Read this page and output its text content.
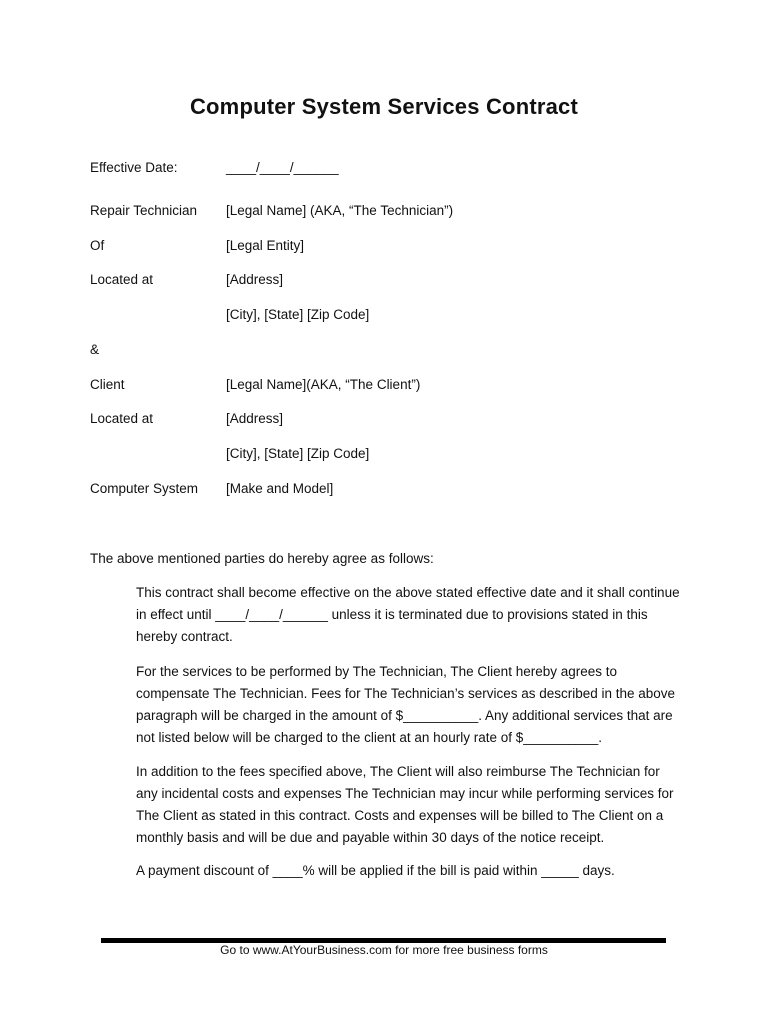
Computer System Services Contract
Effective Date:	____/____/______
Repair Technician [Legal Name] (AKA, “The Technician”)
Of	[Legal Entity]
Located at	[Address]
[City], [State] [Zip Code]
&
Client	[Legal Name](AKA, “The Client”)
Located at	[Address]
[City], [State] [Zip Code]
Computer System [Make and Model]
The above mentioned parties do hereby agree as follows:

This contract shall become effective on the above stated effective date and it shall continue in effect until ____/____/______ unless it is terminated due to provisions stated in this hereby contract.

For the services to be performed by The Technician, The Client hereby agrees to compensate The Technician. Fees for The Technician’s services as described in the above paragraph will be charged in the amount of $__________. Any additional services that are not listed below will be charged to the client at an hourly rate of $__________.

In addition to the fees specified above, The Client will also reimburse The Technician for any incidental costs and expenses The Technician may incur while performing services for The Client as stated in this contract. Costs and expenses will be billed to The Client on a monthly basis and will be due and payable within 30 days of the notice receipt.

A payment discount of ____% will be applied if the bill is paid within _____ days.

Go to www.AtYourBusiness.com for more free business forms
